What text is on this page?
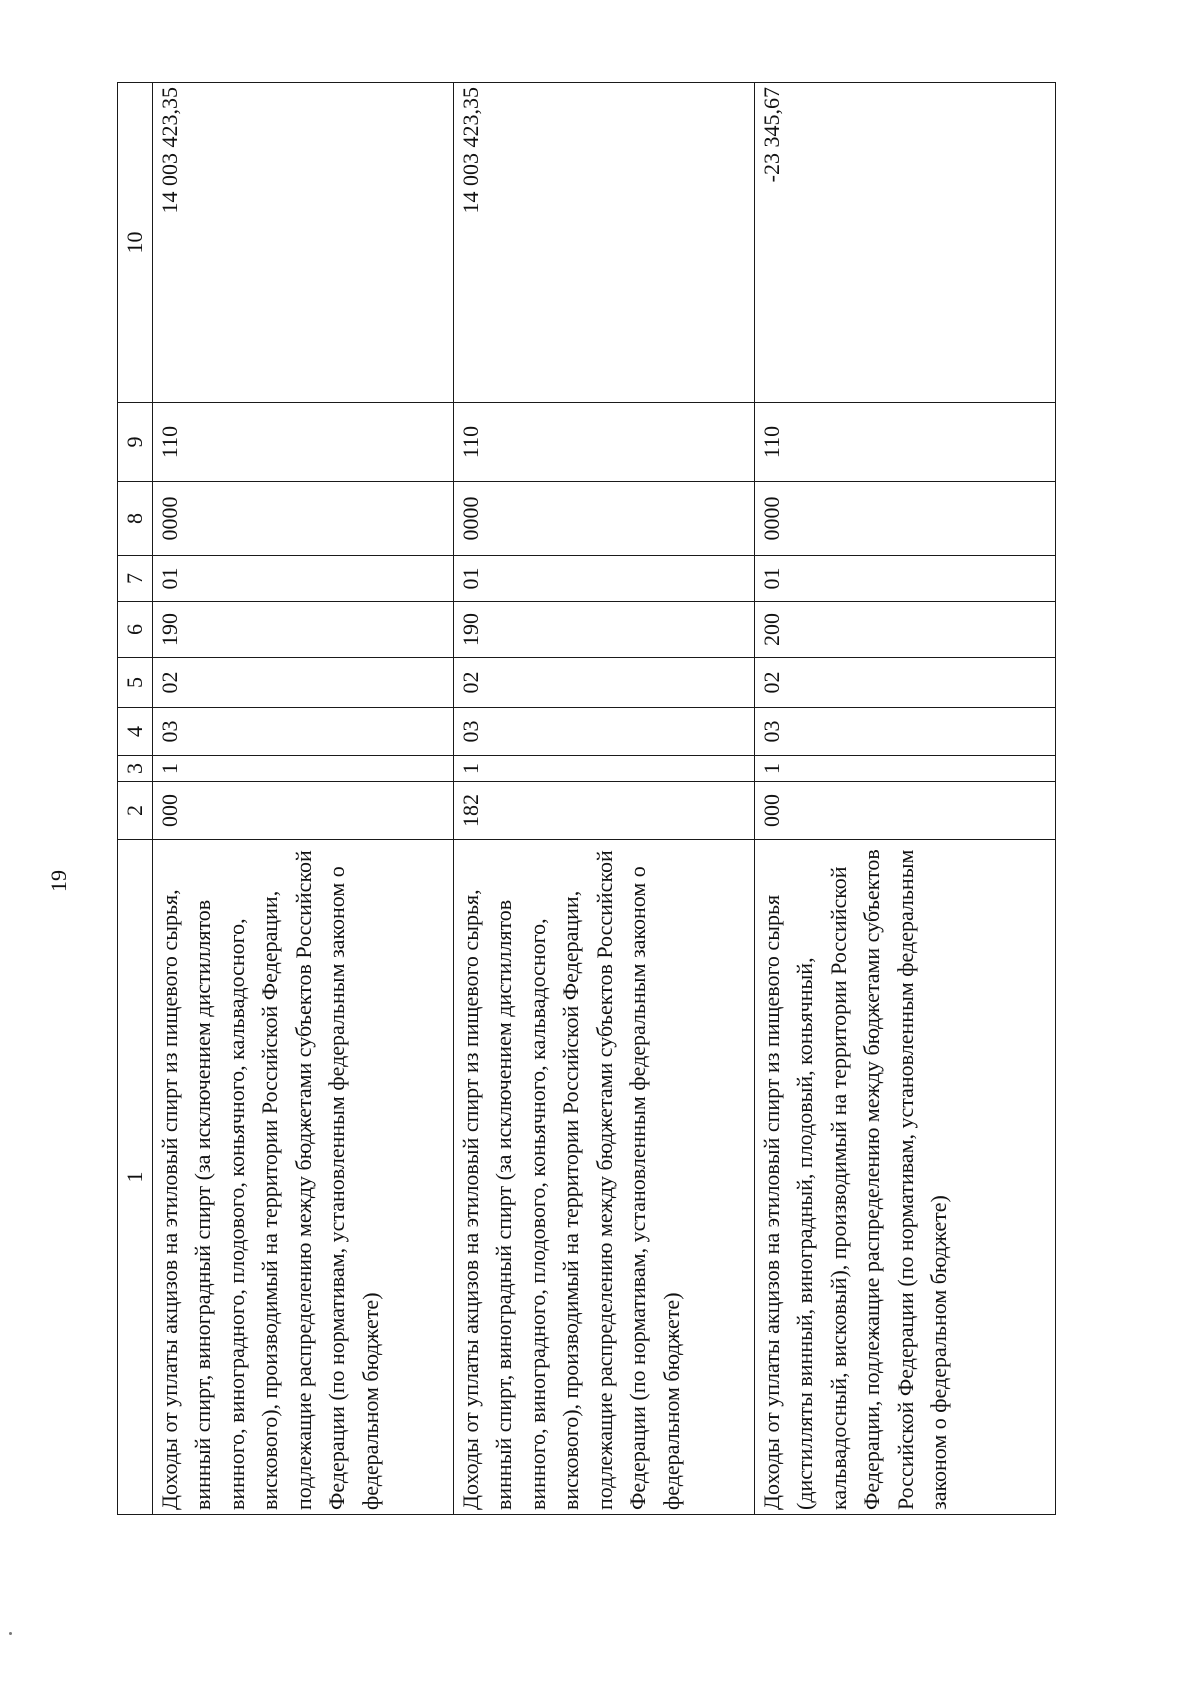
19
1	2	3	4	5	6	7	8	9	10
Доходы от уплаты акцизов на этиловый спирт из пищевого сырья, винный спирт, виноградный спирт (за исключением дистиллятов винного, виноградного, плодового, коньячного, кальвадосного, вискового), производимый на территории Российской Федерации, подлежащие распределению между бюджетами субъектов Российской Федерации (по нормативам, установленным федеральным законом о федеральном бюджете)	000	1	03	02	190	01	0000	110	14 003 423,35
Доходы от уплаты акцизов на этиловый спирт из пищевого сырья, винный спирт, виноградный спирт (за исключением дистиллятов винного, виноградного, плодового, коньячного, кальвадосного, вискового), производимый на территории Российской Федерации, подлежащие распределению между бюджетами субъектов Российской Федерации (по нормативам, установленным федеральным законом о федеральном бюджете)	182	1	03	02	190	01	0000	110	14 003 423,35
Доходы от уплаты акцизов на этиловый спирт из пищевого сырья (дистилляты винный, виноградный, плодовый, коньячный, кальвадосный, висковый), производимый на территории Российской Федерации, подлежащие распределению между бюджетами субъектов Российской Федерации (по нормативам, установленным федеральным законом о федеральном бюджете)	000	1	03	02	200	01	0000	110	-23 345,67
